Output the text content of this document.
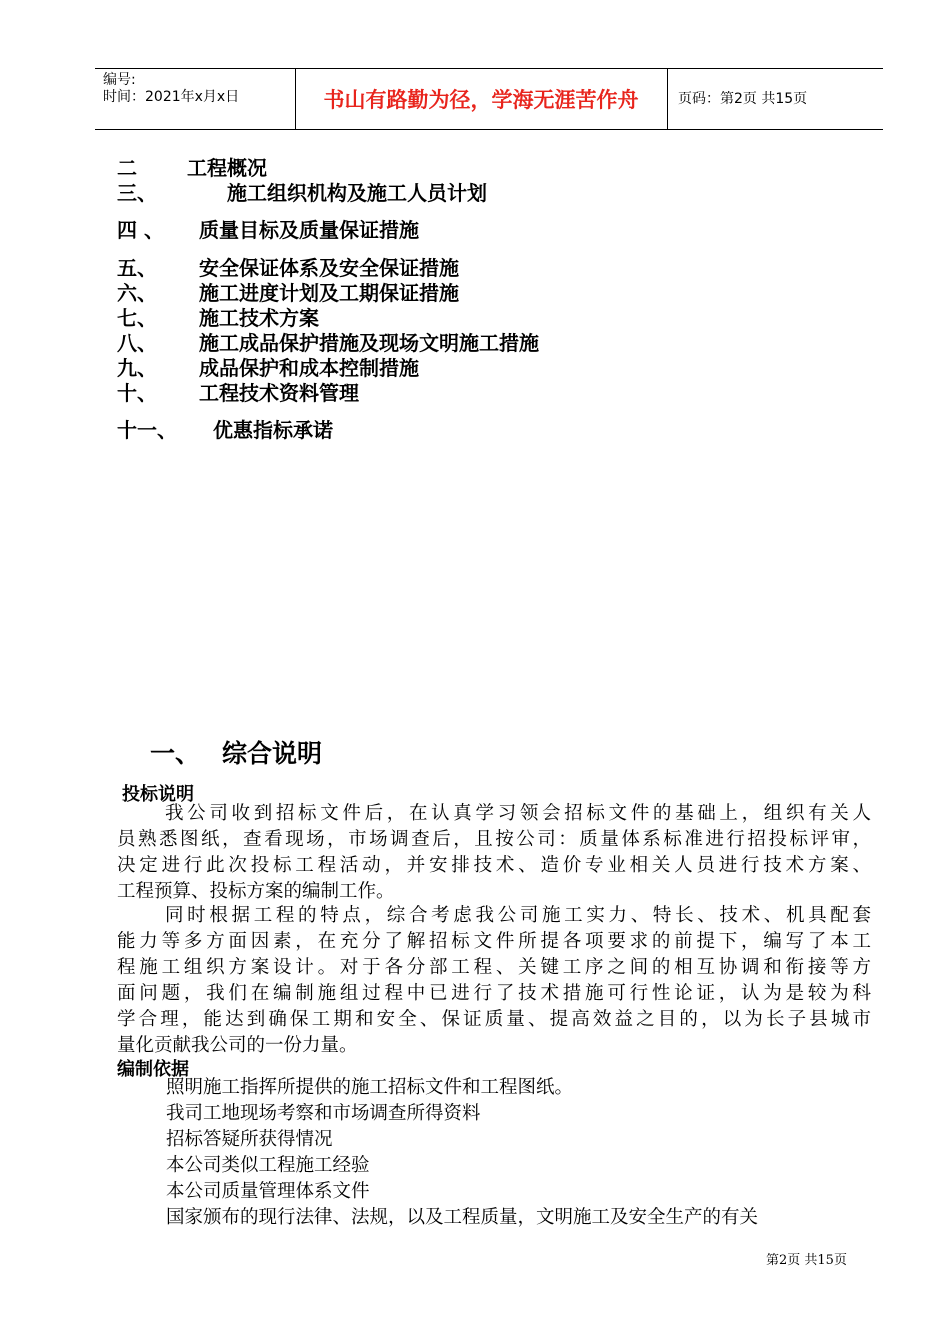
编号:
时间：2021年x月x日	书山有路勤为径，学海无涯苦作舟	页码：第2页 共15页
二	工程概况
三、	施工组织机构及施工人员计划
四 、 质量目标及质量保证措施
五、 安全保证体系及安全保证措施
六、 施工进度计划及工期保证措施
七、 施工技术方案
八、 施工成品保护措施及现场文明施工措施
九、 成品保护和成本控制措施
十、 工程技术资料管理
十一、 优惠指标承诺
一、 综合说明
投标说明
我公司收到招标文件后，在认真学习领会招标文件的基础上，组织有关人
员熟悉图纸，查看现场，市场调查后，且按公司：质量体系标准进行招投标评审，
决定进行此次投标工程活动，并安排技术、造价专业相关人员进行技术方案、
工程预算、投标方案的编制工作。
同时根据工程的特点，综合考虑我公司施工实力、特长、技术、机具配套
能力等多方面因素，在充分了解招标文件所提各项要求的前提下，编写了本工
程施工组织方案设计。对于各分部工程、关键工序之间的相互协调和衔接等方
面问题，我们在编制施组过程中已进行了技术措施可行性论证，认为是较为科
学合理，能达到确保工期和安全、保证质量、提高效益之目的，以为长子县城市
量化贡献我公司的一份力量。
编制依据
照明施工指挥所提供的施工招标文件和工程图纸。
我司工地现场考察和市场调查所得资料
招标答疑所获得情况
本公司类似工程施工经验
本公司质量管理体系文件
国家颁布的现行法律、法规，以及工程质量，文明施工及安全生产的有关
第2页 共15页
